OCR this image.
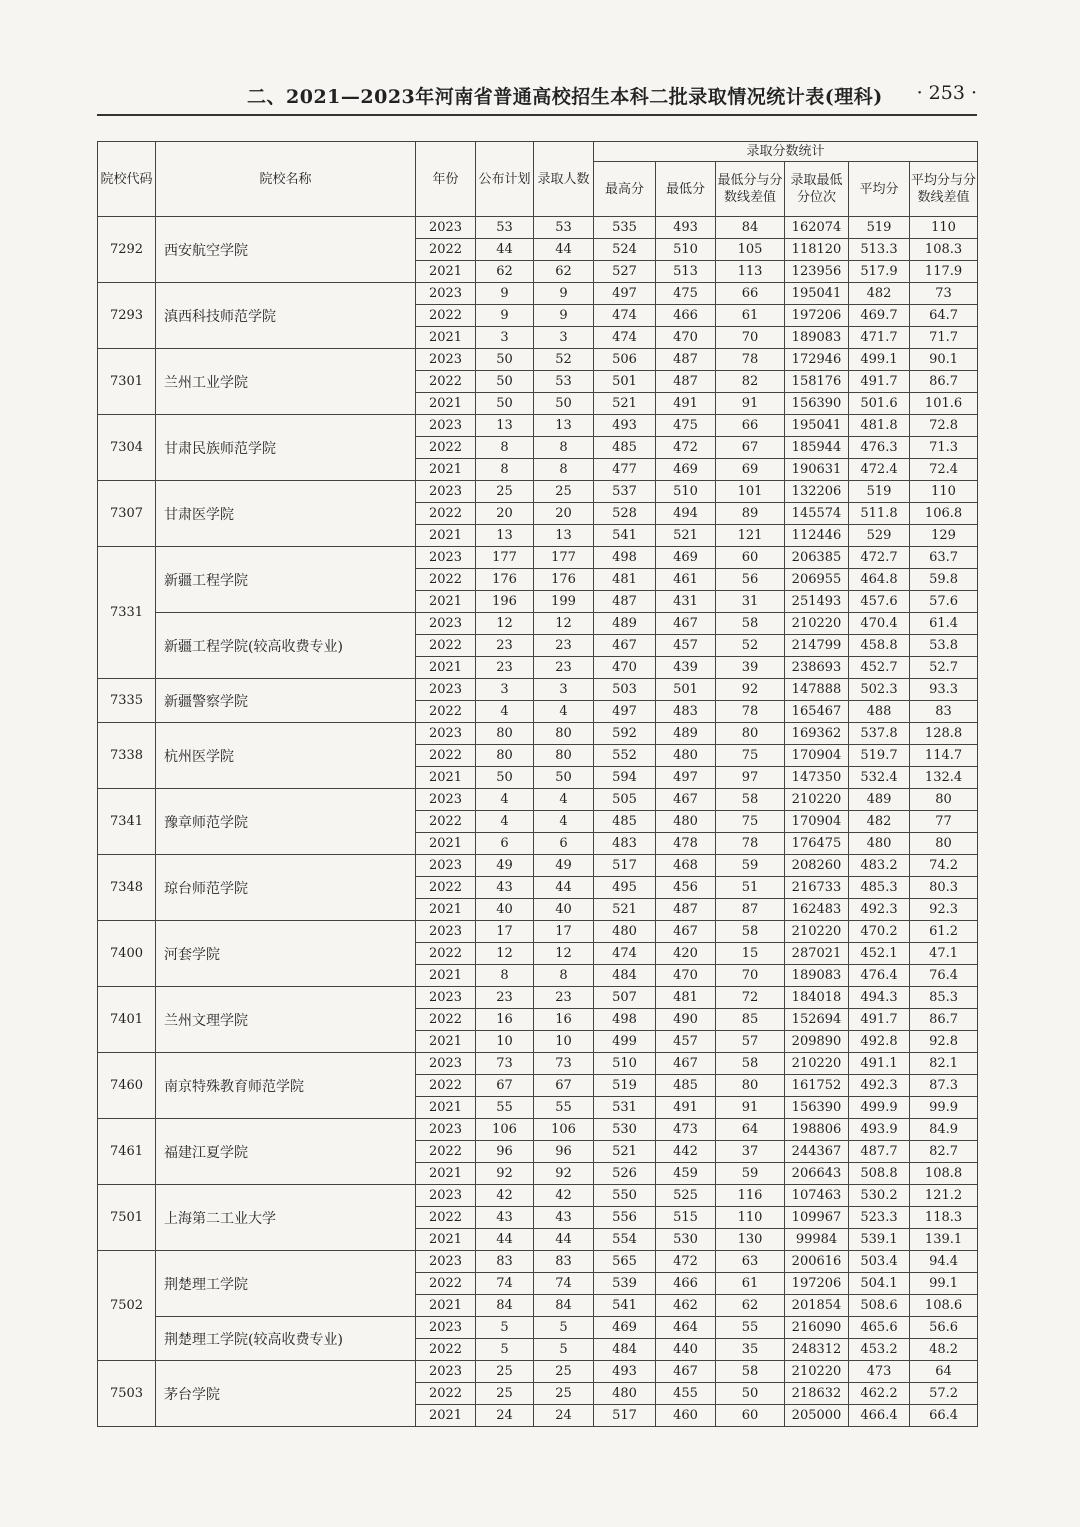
二、2021—2023年河南省普通高校招生本科二批录取情况统计表(理科) · 253 ·
院校代码	院校名称	年份	公布计划	录取人数	录取分数统计					
					最高分	最低分	最低分与分数线差值	录取最低分位次	平均分	平均分与分数线差值
7292	西安航空学院	2023	53	53	535	493	84	162074	519	110
		2022	44	44	524	510	105	118120	513.3	108.3
		2021	62	62	527	513	113	123956	517.9	117.9
7293	滇西科技师范学院	2023	9	9	497	475	66	195041	482	73
		2022	9	9	474	466	61	197206	469.7	64.7
		2021	3	3	474	470	70	189083	471.7	71.7
7301	兰州工业学院	2023	50	52	506	487	78	172946	499.1	90.1
		2022	50	53	501	487	82	158176	491.7	86.7
		2021	50	50	521	491	91	156390	501.6	101.6
7304	甘肃民族师范学院	2023	13	13	493	475	66	195041	481.8	72.8
		2022	8	8	485	472	67	185944	476.3	71.3
		2021	8	8	477	469	69	190631	472.4	72.4
7307	甘肃医学院	2023	25	25	537	510	101	132206	519	110
		2022	20	20	528	494	89	145574	511.8	106.8
		2021	13	13	541	521	121	112446	529	129
7331	新疆工程学院	2023	177	177	498	469	60	206385	472.7	63.7
		2022	176	176	481	461	56	206955	464.8	59.8
		2021	196	199	487	431	31	251493	457.6	57.6
	新疆工程学院(较高收费专业)	2023	12	12	489	467	58	210220	470.4	61.4
		2022	23	23	467	457	52	214799	458.8	53.8
		2021	23	23	470	439	39	238693	452.7	52.7
7335	新疆警察学院	2023	3	3	503	501	92	147888	502.3	93.3
		2022	4	4	497	483	78	165467	488	83
7338	杭州医学院	2023	80	80	592	489	80	169362	537.8	128.8
		2022	80	80	552	480	75	170904	519.7	114.7
		2021	50	50	594	497	97	147350	532.4	132.4
7341	豫章师范学院	2023	4	4	505	467	58	210220	489	80
		2022	4	4	485	480	75	170904	482	77
		2021	6	6	483	478	78	176475	480	80
7348	琼台师范学院	2023	49	49	517	468	59	208260	483.2	74.2
		2022	43	44	495	456	51	216733	485.3	80.3
		2021	40	40	521	487	87	162483	492.3	92.3
7400	河套学院	2023	17	17	480	467	58	210220	470.2	61.2
		2022	12	12	474	420	15	287021	452.1	47.1
		2021	8	8	484	470	70	189083	476.4	76.4
7401	兰州文理学院	2023	23	23	507	481	72	184018	494.3	85.3
		2022	16	16	498	490	85	152694	491.7	86.7
		2021	10	10	499	457	57	209890	492.8	92.8
7460	南京特殊教育师范学院	2023	73	73	510	467	58	210220	491.1	82.1
		2022	67	67	519	485	80	161752	492.3	87.3
		2021	55	55	531	491	91	156390	499.9	99.9
7461	福建江夏学院	2023	106	106	530	473	64	198806	493.9	84.9
		2022	96	96	521	442	37	244367	487.7	82.7
		2021	92	92	526	459	59	206643	508.8	108.8
7501	上海第二工业大学	2023	42	42	550	525	116	107463	530.2	121.2
		2022	43	43	556	515	110	109967	523.3	118.3
		2021	44	44	554	530	130	99984	539.1	139.1
7502	荆楚理工学院	2023	83	83	565	472	63	200616	503.4	94.4
		2022	74	74	539	466	61	197206	504.1	99.1
		2021	84	84	541	462	62	201854	508.6	108.6
	荆楚理工学院(较高收费专业)	2023	5	5	469	464	55	216090	465.6	56.6
		2022	5	5	484	440	35	248312	453.2	48.2
7503	茅台学院	2023	25	25	493	467	58	210220	473	64
		2022	25	25	480	455	50	218632	462.2	57.2
		2021	24	24	517	460	60	205000	466.4	66.4
